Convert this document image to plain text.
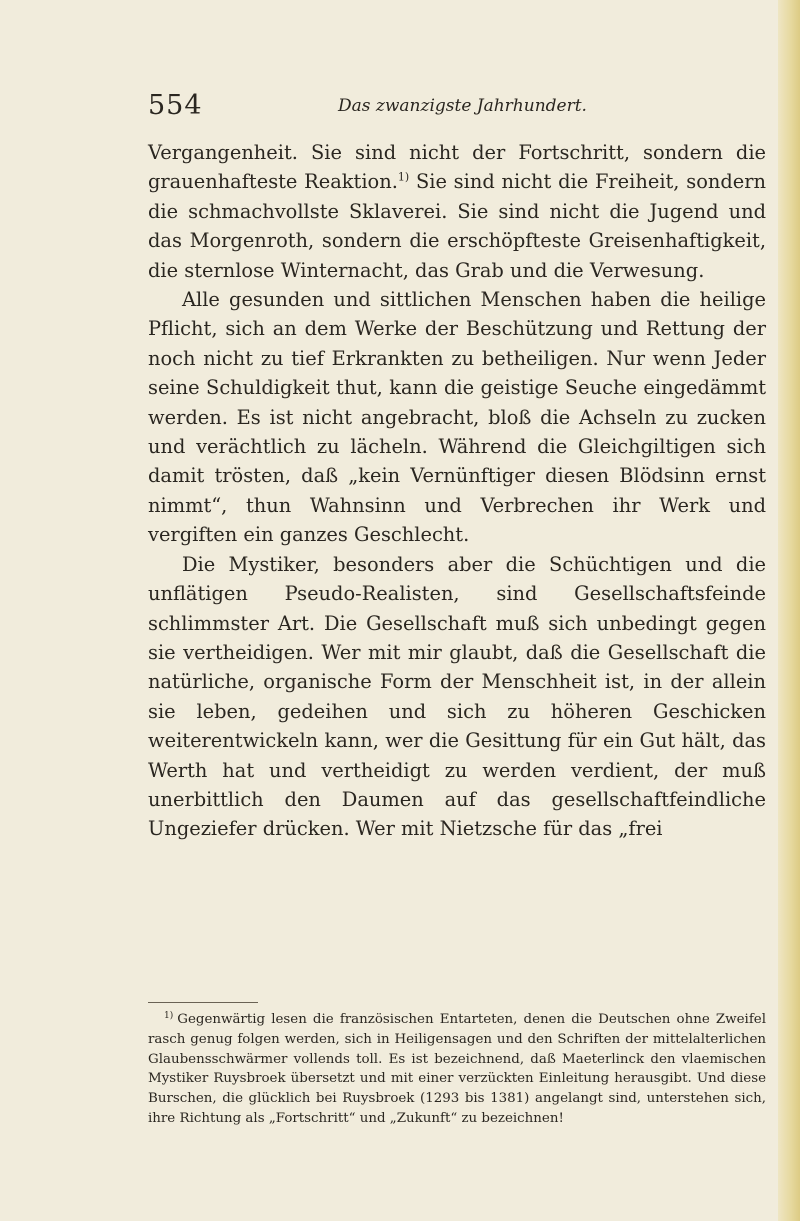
554	Das zwanzigste Jahrhundert.

Vergangenheit. Sie sind nicht der Fortschritt, sondern die grauenhafteste Reaktion.$^{1)}$ Sie sind nicht die Freiheit, sondern die schmachvollste Sklaverei. Sie sind nicht die Jugend und das Morgenroth, sondern die erschöpfteste Greisenhaftigkeit, die sternlose Winternacht, das Grab und die Verwesung.

Alle gesunden und sittlichen Menschen haben die heilige Pflicht, sich an dem Werke der Beschützung und Rettung der noch nicht zu tief Erkrankten zu betheiligen. Nur wenn Jeder seine Schuldigkeit thut, kann die geistige Seuche eingedämmt werden. Es ist nicht angebracht, bloß die Achseln zu zucken und verächtlich zu lächeln. Während die Gleichgiltigen sich damit trösten, daß „kein Vernünftiger diesen Blödsinn ernst nimmt“, thun Wahnsinn und Verbrechen ihr Werk und vergiften ein ganzes Geschlecht.

Die Mystiker, besonders aber die Schüchtigen und die unflätigen Pseudo-Realisten, sind Gesellschaftsfeinde schlimmster Art. Die Gesellschaft muß sich unbedingt gegen sie vertheidigen. Wer mit mir glaubt, daß die Gesellschaft die natürliche, organische Form der Menschheit ist, in der allein sie leben, gedeihen und sich zu höheren Geschicken weiterentwickeln kann, wer die Gesittung für ein Gut hält, das Werth hat und vertheidigt zu werden verdient, der muß unerbittlich den Daumen auf das gesellschaftfeindliche Ungeziefer drücken. Wer mit Nietzsche für das „frei

$^{1)}$ Gegenwärtig lesen die französischen Entarteten, denen die Deutschen ohne Zweifel rasch genug folgen werden, sich in Heiligensagen und den Schriften der mittelalterlichen Glaubensschwärmer vollends toll. Es ist bezeichnend, daß Maeterlinck den vlaemischen Mystiker Ruysbroek übersetzt und mit einer verzückten Einleitung herausgibt. Und diese Burschen, die glücklich bei Ruysbroek (1293 bis 1381) angelangt sind, unterstehen sich, ihre Richtung als „Fortschritt“ und „Zukunft“ zu bezeichnen!
